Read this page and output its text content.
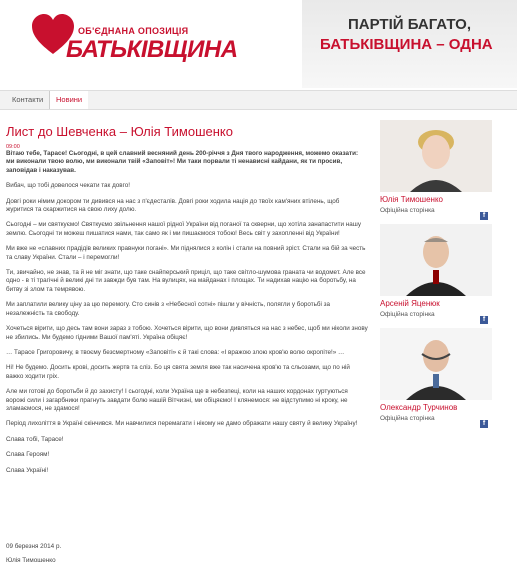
ОБ'ЄДНАНА ОПОЗИЦІЯ
БАТЬКІВЩИНА
ПАРТІЙ БАГАТО,
БАТЬКІВЩИНА – ОДНА
Контакти	Новини
Лист до Шевченка – Юлія Тимошенко
09:00

Вітаю тебе, Тарасе! Сьогодні, в цей славний весняний день 200-річчя з Дня твого народження, можемо оказати: ми виконали твою волю, ми виконали твій «Заповіт»! Ми таки порвали ті ненависні кайдани, як ти просив, заповідав і наказував.

Вибач, що тобі довелося чекати так довго!

Довгі роки німим докором ти дивився на нас з п'єдесталів. Довгі роки ходила нація до твоїх кам'яних втілень, щоб журитися та скаржитися на свою лиху долю.

Сьогодні – ми святкуємо! Святкуємо звільнення нашої рідної України від поганої та скверни, що хотіла занапастити нашу землю. Сьогодні ти можеш пишатися нами, так само як і ми пишаємося тобою! Весь світ у захопленні від України!

Ми вже не «славних прадідів великих правнуки погані». Ми піднялися з колін і стали на повний зріст. Стали на бій за честь та славу України. Стали – і перемогли!

Ти, звичайно, не знав, та й не міг знати, що таке снайперський приціл, що таке світло-шумова граната чи водомет. Але все одно - в ті трагічні й великі дні ти завжди був там. На вулицях, на майданах і площах. Ти надихав націю на боротьбу, на битву зі злом та темрявою.

Ми заплатили велику ціну за цю перемогу. Сто синів з «Небесної сотні» пішли у вічність, полягли у боротьбі за незалежність та свободу.

Хочеться вірити, що десь там вони зараз з тобою. Хочеться вірити, що вони дивляться на нас з небес, щоб ми ніколи знову не збились. Ми будемо гідними Вашої пам'яті. Україна обіцяє!

… Тарасе Григоровичу, в твоєму безсмертному «Заповіті» є й такі слова: «І вражою злою кров'ю волю окропіте!» …

Ні! Не будемо. Досить крові, досить жертв та сліз. Бо ця свята земля вже так насичена кров'ю та сльозами, що по ній важко ходити грiх.

Але ми готові до боротьби й до захисту! І сьогодні, коли Україна ще в небезпеці, коли на наших кордонах гуртуються ворожі сили і загарбники прагнуть завдати болю нашій Вітчизні, ми обіцяємо! І клянемося: не відступимо ні кроку, не зламаємося, не здамося!

Період лихоліття в Україні скінчився. Ми навчилися перемагати і нікому не дамо ображати нашу святу й велику Україну!

Слава тобі, Тарасе!

Слава Героям!

Слава Україні!

09 березня 2014 р.
Юлія Тимошенко
Юлія Тимошенко
Офіційна сторінка
f
Арсеній Яценюк
Офіційна сторінка
f
Олександр Турчинов
Офіційна сторінка
f
